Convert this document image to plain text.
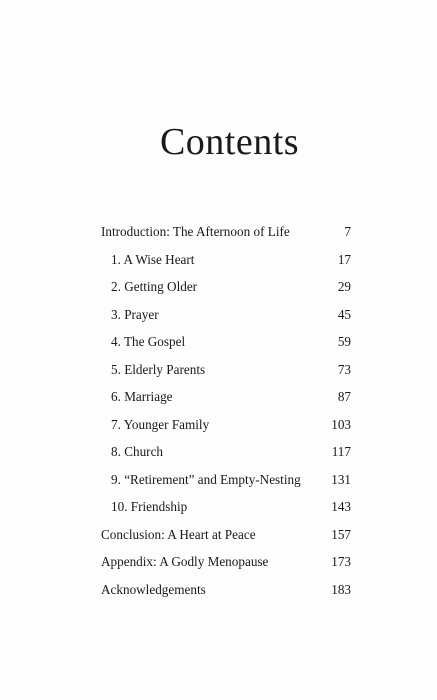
Contents
Introduction: The Afternoon of Life	7
1. A Wise Heart	17
2. Getting Older	29
3. Prayer	45
4. The Gospel	59
5. Elderly Parents	73
6. Marriage	87
7. Younger Family	103
8. Church	117
9. “Retirement” and Empty-Nesting 131
10. Friendship	143
Conclusion: A Heart at Peace	157
Appendix: A Godly Menopause	173
Acknowledgements	183
